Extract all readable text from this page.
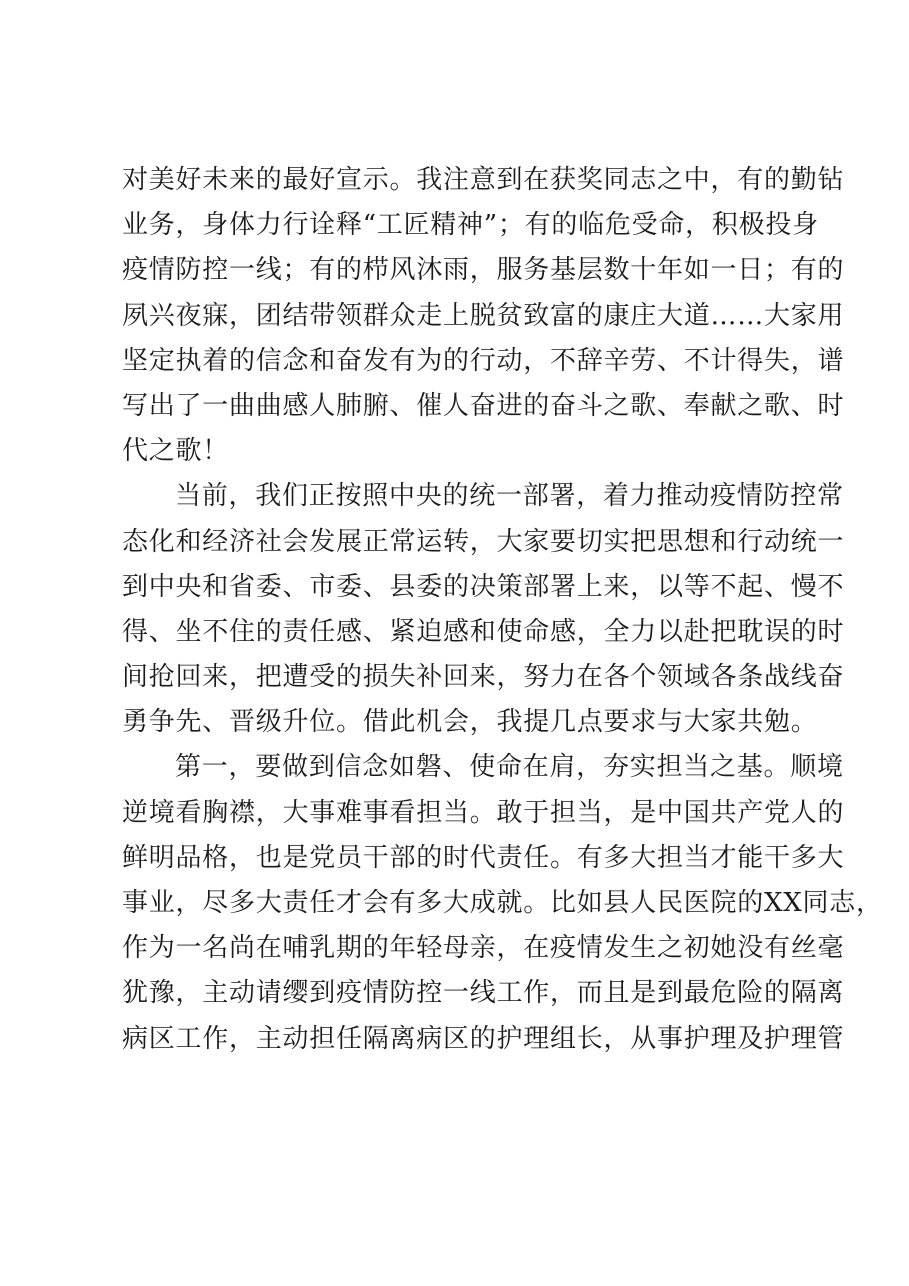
对美好未来的最好宣示。我注意到在获奖同志之中，有的勤钻
业务，身体力行诠释“工匠精神”；有的临危受命，积极投身
疫情防控一线；有的栉风沐雨，服务基层数十年如一日；有的
夙兴夜寐，团结带领群众走上脱贫致富的康庄大道……大家用
坚定执着的信念和奋发有为的行动，不辞辛劳、不计得失，谱
写出了一曲曲感人肺腑、催人奋进的奋斗之歌、奉献之歌、时
代之歌！
当前，我们正按照中央的统一部署，着力推动疫情防控常
态化和经济社会发展正常运转，大家要切实把思想和行动统一
到中央和省委、市委、县委的决策部署上来，以等不起、慢不
得、坐不住的责任感、紧迫感和使命感，全力以赴把耽误的时
间抢回来，把遭受的损失补回来，努力在各个领域各条战线奋
勇争先、晋级升位。借此机会，我提几点要求与大家共勉。
第一，要做到信念如磐、使命在肩，夯实担当之基。顺境
逆境看胸襟，大事难事看担当。敢于担当，是中国共产党人的
鲜明品格，也是党员干部的时代责任。有多大担当才能干多大
事业，尽多大责任才会有多大成就。比如县人民医院的XX同志，
作为一名尚在哺乳期的年轻母亲，在疫情发生之初她没有丝毫
犹豫，主动请缨到疫情防控一线工作，而且是到最危险的隔离
病区工作，主动担任隔离病区的护理组长，从事护理及护理管
